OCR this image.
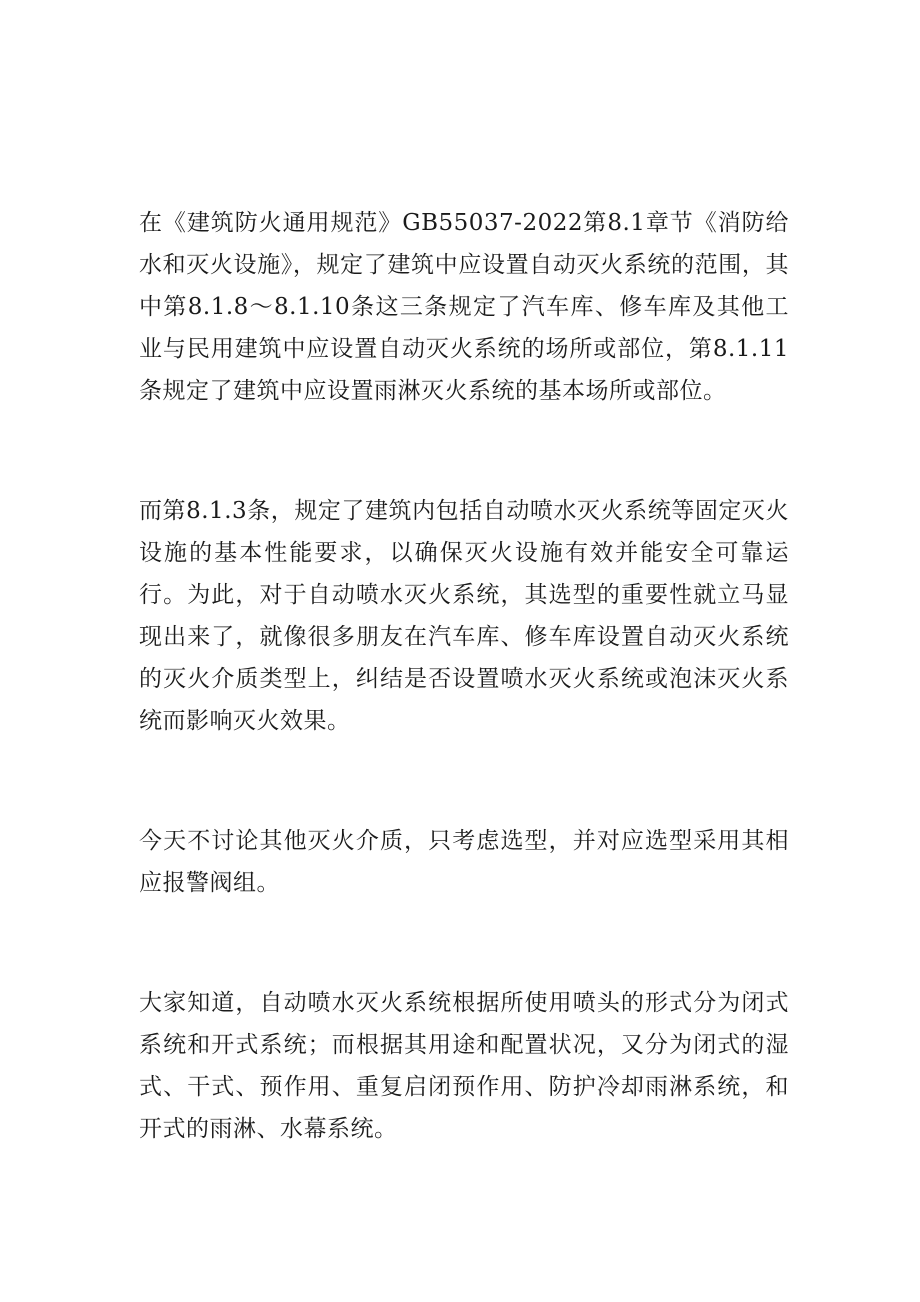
在《建筑防火通用规范》GB55037-2022第8.1章节《消防给水和灭火设施》，规定了建筑中应设置自动灭火系统的范围，其中第8.1.8～8.1.10条这三条规定了汽车库、修车库及其他工业与民用建筑中应设置自动灭火系统的场所或部位，第8.1.11条规定了建筑中应设置雨淋灭火系统的基本场所或部位。

而第8.1.3条，规定了建筑内包括自动喷水灭火系统等固定灭火设施的基本性能要求，以确保灭火设施有效并能安全可靠运行。为此，对于自动喷水灭火系统，其选型的重要性就立马显现出来了，就像很多朋友在汽车库、修车库设置自动灭火系统的灭火介质类型上，纠结是否设置喷水灭火系统或泡沫灭火系统而影响灭火效果。

今天不讨论其他灭火介质，只考虑选型，并对应选型采用其相应报警阀组。

大家知道，自动喷水灭火系统根据所使用喷头的形式分为闭式系统和开式系统；而根据其用途和配置状况，又分为闭式的湿式、干式、预作用、重复启闭预作用、防护冷却雨淋系统，和开式的雨淋、水幕系统。
